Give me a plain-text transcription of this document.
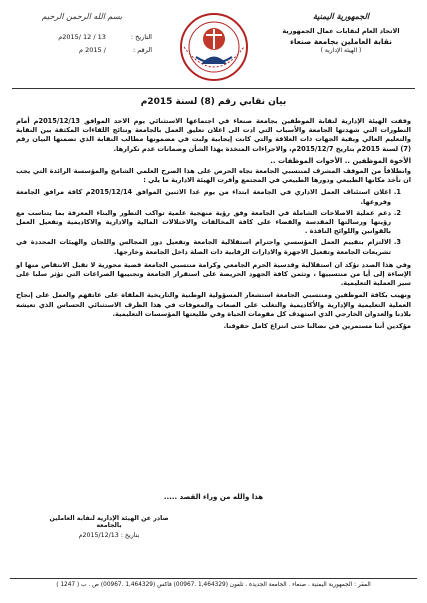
الجمهورية اليمنية
الاتحاد العام لنقابات عمال الجمهورية
نقابة العاملين بجامعة صنعاء
( الهيئة الإدارية )
بسم الله الرحمن الرحيم
التاريخ : 13 / 12 /2015م
الرقم : / 2015 م
بيان نقابي رقم (8) لسنة 2015م

وقفت الهيئة الإدارية لنقابة الموظفين بجامعة صنعاء في اجتماعها الاستثنائي يوم الاحد الموافق 2015/12/13م أمام التطورات التي شهدتها الجامعة والأسباب التي ادت الى اعلان تعليق العمل بالجامعة ونتائج اللقاءات المكثفة بين النقابة والتعليم العالي وبقية الجهات ذات العلاقة والتي كانت إيجابية ولبت في مضمونها مطالب النقابة الذي تضمنها البيان رقم (7) لسنة 2015م بتاريخ 2015/12/7م، والاجراءات المتخذة بهذا الشأن وضمانات عدم تكرارها.

الأخوة الموظفين .. الأخوات الموظفات ..

وانطلاقاً من الموقف المشرف لمنتسبي الجامعة تجاه الحرص على هذا الصرح العلمي الشامخ والمؤسسة الرائدة التي يجب ان تأخذ مكانها الطبيعي ودورها الطبيعي في المجتمع وأقرت الهيئة الادارية ما يلي :

1.
اعلان استئناف العمل الاداري في الجامعة ابتداء من يوم غدا الاثنين الموافق 2015/12/14م كافة مرافق الجامعة وفروعها.
2.
دعم عملية الاصلاحات الشاملة في الجامعة وفق رؤية منهجية علمية تواكب التطور والبناء المعرفة بما يتناسب مع رؤيتها ورسالتها المقدسة والقضاء على كافة المخالفات والاختلالات المالية والادارية والاكاديمية وتفعيل العمل بالقوانين واللوائح النافذة .
3.
الالتزام بتقييم العمل المؤسسي واحترام استقلالية الجامعة وتفعيل دور المجالس واللجان والهيئات المحددة في تشريعات الجامعة وتفعيل الاجهزة والادارات الرقابية ذات الصلة داخل الجامعة وخارجها.

وفي هذا الصدد تؤكد ان استقلالية وقدسية الحرم الجامعي وكرامة منتسبي الجامعة قضية محورية لا تقبل الانتقاص منها او الإساءة إلى أيا من منتسبيها ، وتثمن كافة الجهود الحريصة على استقرار الجامعة وتجنيبها الصراعات التي تؤثر سلبا على سير العملية التعليمية.

ونهيب بكافة الموظفين ومنتسبي الجامعة استشعار المسؤولية الوطنية والتاريخية الملقاة على عاتقهم والعمل على إنجاح العملية التعليمية والإدارية والأكاديمية والتغلب على الصعاب والمعوقات في هذا الظرف الاستثنائي الحساس الذي تعيشه بلادنا والعدوان الخارجي الذي استهدف كل مقومات الحياة وفي طليعتها المؤسسات التعليمية.

مؤكدين أننا مستمرين في نضالنا حتى انتزاع كامل حقوقنا.

هذا والله من وراء القصد .....
صادر عن الهيئة الإدارية لنقابة العاملين بالجامعة
بتاريخ : 2015/12/13م
المقر : الجمهورية اليمنية . صنعاء . الجامعة الجديدة . تلفون (1,464329 .00967) فاكس (1,464329 .00967) ص . ب ( 1247 )
